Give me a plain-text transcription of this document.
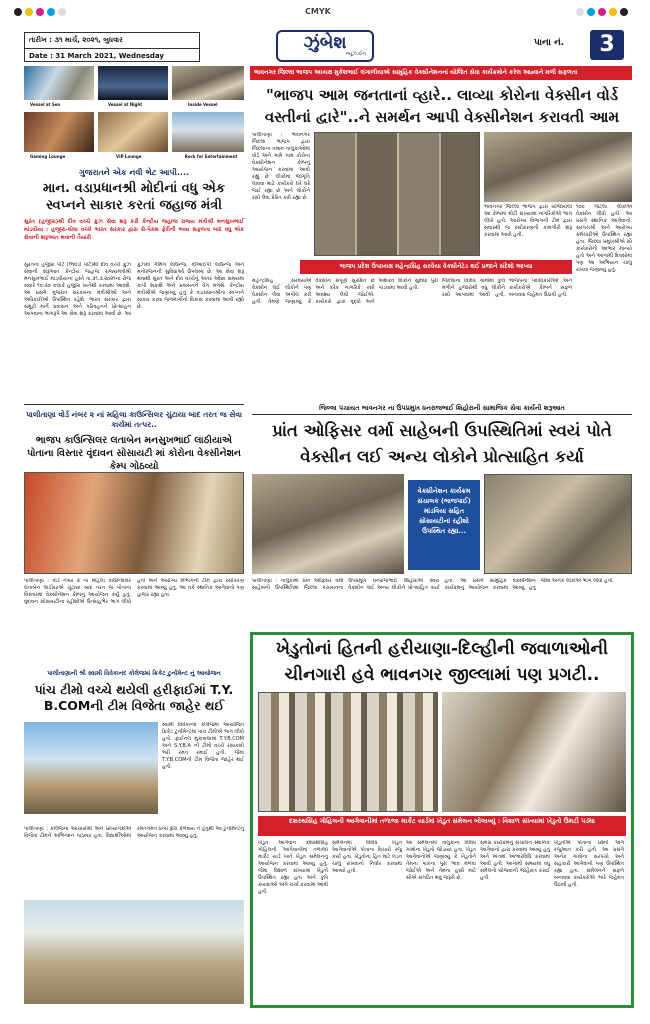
CMYK
તારીખ : ૩૧ માર્ચ, ૨૦૨૧, બુધવાર
Date : 31 March 2021, Wednesday
ઝુંબેશ
ન્યૂઝ.ઈન
પાના નં.	3
ભાવનગર જિલ્લા ભાજપ અધ્યક્ષ મુકેશભાઈ લંગાળીયાએ સામુહિક વેક્સીનેશનનાં યોજિત સેવા કાર્યક્રમોને કરેલ આહ્વાને મળી સફળતા
Vessel at Sea	Vessel at Night	Inside Vessel
Gaming Lounge	VIP Lounge	Rock for Entertainment
ગુજરાતને એક નવી ભેટ આપી....
માન. વડાપ્રધાનશ્રી મોદીનાં વધુ એક સ્વપ્નને સાકાર કરતાં જહાજ મંત્રી
સુરત (હજીરા)થી દીવ વચ્ચે ક્રુઝ સેવા શરૂ કરી કેન્દ્રીય જહાજ રાજ્ય મંત્રીશ્રી મનસુખભાઈ માંડવીયા : હજીરા-ઘોઘા વચ્ચે ભારત સરકાર દ્વારા રો-પેક્સ ફેરીની ભવ્ય સફળતા બાદ વધુ એક સેવાની શરૂઆત થવાની તૈયારી
સુરતનાં હજીરા પોર્ટ (ભિવંડી પોર્ટ)થી દીવ વચ્ચે ક્રુઝ સેવાની શરૂઆત કેન્દ્રીય જહાજ રાજ્યમંત્રીશ્રી મનસુખભાઈ માંડવીયાના હસ્તે તા.૩૧.૩.૨૦૨૧ના રોજ સવારે ૧૦:૩૦ કલાકે હજીરા ખાતેથી કરવામાં આવશે. આ પ્રસંગે ગુજરાત સરકારના મંત્રીશ્રીઓ અને અધિકારીઓ ઉપસ્થિત રહેશે. ભારત સરકાર દ્વારા સમુદ્રી માર્ગે પ્રવાસન અને પરિવહનને પ્રોત્સાહન આપવાના ભાગરૂપે આ સેવા શરૂ કરવામાં આવી છે. આ ક્રુઝમાં ગેમિંગ લાઉન્જ, વીઆઈપી લાઉન્જ અને મનોરંજનની સુવિધાઓ ઉપલબ્ધ છે. આ સેવા શરૂ થવાથી સુરત અને દીવ વચ્ચેનું અંતર ઓછા સમયમાં કાપી શકાશે અને પ્રવાસનને વેગ મળશે. કેન્દ્રીય મંત્રીશ્રીએ જણાવ્યું હતું કે વડાપ્રધાનશ્રીના સ્વપ્નને સાકાર કરવા જળમાર્ગોનો વિકાસ કરવામાં આવી રહ્યો છે.
"ભાજપ આમ જનતાનાં વ્હારે.. લાવ્યા કોરોના વેક્સીન વોર્ડ વસ્તીનાં દ્વારે"..ને સમર્થન આપી વેક્સીનેશન કરાવતી આમ
પાલીતાણા : ભાવનગર જિલ્લા ભાજપ દ્વારા જિલ્લાના તમામ તાલુકાઓમાં વોર્ડ અને ગામે ગામ કોરોના વેક્સીનેશન કેમ્પનું આયોજન કરવામાં આવી રહ્યું છે. લોકોમાં જાગૃતિ લાવવા માટે કાર્યકરો ઘરે ઘરે જઈ રહ્યા છે અને લોકોને રસી લેવા પ્રેરિત કરી રહ્યા છે.
૧૦૦ જેટલા લોકોએ વેક્સીન લીધી હતી. આ પ્રસંગે સ્થાનિક આગેવાનો, સરપંચશ્રી અને આરોગ્ય કર્મચારીઓ ઉપસ્થિત રહ્યા હતા. જિલ્લા પ્રમુખશ્રીએ સૌ કાર્યકરોનો આભાર માન્યો હતો અને આગામી દિવસોમાં પણ આ અભિયાન ચાલુ રાખવા જણાવ્યું હતું.
ભાવનગર જિલ્લા ભાજપ દ્વારા યોજાયેલા આ કેમ્પમાં મોટી સંખ્યામાં નાગરિકોએ ભાગ લીધો હતો. આરોગ્ય વિભાગની ટીમ દ્વારા સવારથી જ રસીકરણની કામગીરી શરૂ કરવામાં આવી હતી.
ભાજપ પ્રદેશ ઉપાધ્યક્ષ મહેન્દ્રસિંહ સરવૈયા વેક્સીનેટેડ થઈ પ્રજાને સંદેશો આપ્યા
મહેન્દ્રસિંહ સરવૈયાએ વેક્સીન લઈ લોકોને પણ વેક્સીન લેવા અપીલ કરી હતી. તેમણે જણાવ્યું કે વેક્સીન સંપૂર્ણ સુરક્ષિત છે અને દરેક નાગરિકે રસી અવશ્ય લેવી જોઈએ. કાર્યકરો દ્વારા વૃદ્ધો અને અશક્ત લોકોને સુવિધા પુરી પાડવામાં આવી હતી.
જિલ્લાના વિવિધ ગામોમાં કુલ મળીને હજારોથી વધુ લોકોને રસી આપવામાં આવી હતી. ભાજપના પદાધિકારીઓ અને કાર્યકરોએ કેમ્પને સફળ બનાવવા જહેમત ઉઠાવી હતી.
જિલ્લા પંચાયત ભાવનગર ના ઉપપ્રમુખ ધનરાજભાઈ શિહોરાની સામાજિક સેવા કાર્યની શરૂઆત
પાલીતાણા વોર્ડ નંબર ૨ નાં મહિલા કાઉન્સિલર ચુંટાયા બાદ તરત જ સેવા કાર્યમાં તત્પર..
ભાજપ કાઉન્સિલર લતાબેન મનસુખભાઈ લાઠીયાએ પોતાના વિસ્તાર વૃંદાવન સોસાયટી માં કોરોના વેક્સીનેશન કેમ્પ ગોઠવ્યો
પાલીતાણા : વોર્ડ નંબર ૨ ના મહિલા કાઉન્સિલર લતાબેન લાઠીયાએ ચૂંટાયા બાદ તરત જ પોતાના વિસ્તારમાં વેક્સીનેશન કેમ્પનું આયોજન કર્યું હતું. વૃંદાવન સોસાયટીના રહીશોએ ઉત્સાહભેર ભાગ લીધો હતો અને આરોગ્ય વિભાગની ટીમ દ્વારા રસીકરણ કરવામાં આવ્યું હતું. આ તકે સ્થાનિક આગેવાનો પણ હાજર રહ્યા હતા.
પ્રાંત ઓફિસર વર્મા સાહેબની ઉપસ્થિતિમાં સ્વયં પોતે વેક્સીન લઈ અન્ય લોકોને પ્રોત્સાહિત કર્યા
વેક્સીનેશન કાર્યક્રમ સંચાલક (ભાજપાઈ) માંડવિયા સહિત સોસાયટીનાં રહીશો ઉપસ્થિત રહ્યા...
પાલીતાણા : તાલુકામાં પ્રાંત ઓફિસર વર્મા સાહેબની ઉપસ્થિતિમાં જિલ્લા પંચાયતના ઉપપ્રમુખ ધનરાજભાઈ શિહોરાએ સ્વયં વેક્સીન લઈ અન્ય લોકોને પ્રોત્સાહિત કર્યા હતા. આ પ્રસંગે સામુહિક વેક્સીનેશન કાર્યક્રમનું આયોજન કરવામાં આવ્યું હતું જેમાં અનેક લોકોએ ભાગ લીધો હતો.
પાલીતાણાની શ્રી સ્વામી વિવેકાનંદ કોલેજમાં ક્રિકેટ ટુર્નામેન્ટ નું આયોજન
પાંચ ટીમો વચ્ચે થયેલી હરીફાઈમાં T.Y. B.COMની ટીમ વિજેતા જાહેર થઈ
સ્વામી વિવેકાનંદ કોલેજમાં આયોજિત ક્રિકેટ ટુર્નામેન્ટમાં પાંચ ટીમોએ ભાગ લીધો હતો. ફાઈનલ મુકાબલામાં T.Y.B.COM અને S.Y.B.A ની ટીમો વચ્ચે રસાકસી ભરી રમત રમાઈ હતી. જેમાં T.Y.B.COMની ટીમ વિજેતા જાહેર થઈ હતી.
પાલીતાણા : કોલેજના આચાર્યશ્રી અને પ્રાધ્યાપકોએ વિજેતા ટીમને અભિનંદન પાઠવ્યા હતા. વિદ્યાર્થીઓમાં રમતગમત પ્રત્યે રૂચિ કેળવાય તે હેતુથી આ ટુર્નામેન્ટનું આયોજન કરવામાં આવ્યું હતું.
ખેડુતોનાં હિતની હરીયાણા-દિલ્હીની જવાળાઓની ચીનગારી હવે ભાવનગર જીલ્લામાં પણ પ્રગટી..
દશરથસિંહ ગોહિલની આગેવાનીમાં તળાજા માર્કેટ યાર્ડમાં ખેડુત સંમેલન બોલાવ્યું : વિશાળ સંખ્યામાં ખેડુતો ઉમટી પડ્યા
ખેડુત આગેવાન દશરથસિંહ ગોહિલની આગેવાનીમાં તળાજા માર્કેટ યાર્ડ ખાતે ખેડુત સંમેલનનું આયોજન કરવામાં આવ્યું હતું. જેમાં વિશાળ સંખ્યામાં ખેડુતો ઉપસ્થિત રહ્યા હતા અને કૃષિ કાયદાઓ અંગે ચર્ચા કરવામાં આવી હતી.
સંમેલનમાં વિવિધ ખેડુત આગેવાનોએ પોતાના વિચારો રજુ કર્યા હતા. ખેડુતોના હિત માટે લડત ચાલુ રાખવાનો નિર્ધાર કરવામાં આવ્યો હતો.
આ સંમેલનમાં તાલુકાના વિવિધ ગામોના ખેડુતો જોડાયા હતા. ખેડુત આગેવાનોએ જણાવ્યું કે ખેડુતોને તેમના પાકના પુરા ભાવ મળવા જોઈએ અને તેમના હક્કો માટે સૌએ સંગઠિત થવું જરૂરી છે.
સમગ્ર કાર્યક્રમનું સંચાલન સ્થાનિક આગેવાનો દ્વારા કરવામાં આવ્યું હતું અને અંતમાં આભારવિધિ કરવામાં આવી હતી. આગામી સમયમાં વધુ સંમેલનો યોજવાની જાહેરાત કરાઈ હતી.
ખેડુતોએ પોતાના પ્રશ્નો અંગે રજુઆત કરી હતી. આ પ્રસંગે અનેક ગામોના સરપંચો અને સહકારી આગેવાનો પણ ઉપસ્થિત રહ્યા હતા. સંમેલનને સફળ બનાવવા કાર્યકરોએ ભારે જહેમત ઉઠાવી હતી.
